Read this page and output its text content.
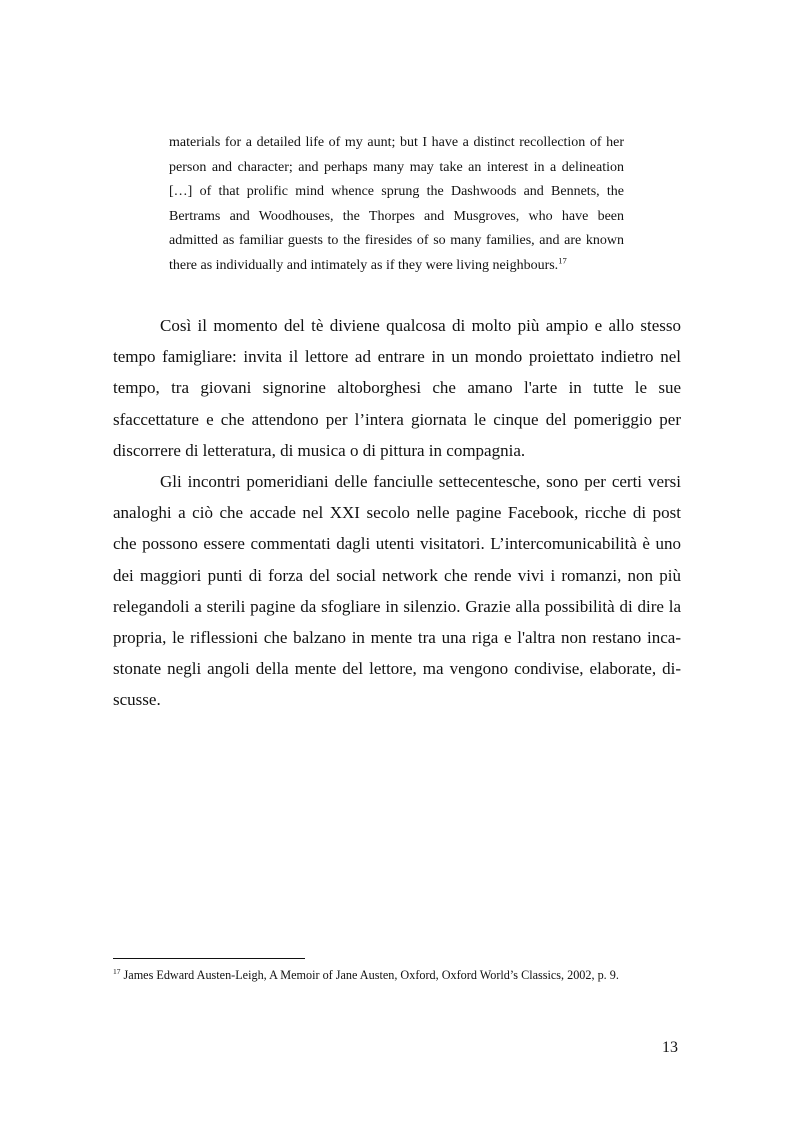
materials for a detailed life of my aunt; but I have a distinct recollection of her
person and character; and perhaps many may take an interest in a delineation
[…] of that prolific mind whence sprung the Dashwoods and Bennets, the
Bertrams and Woodhouses, the Thorpes and Musgroves, who have been
admitted as familiar guests to the firesides of so many families, and are known
there as individually and intimately as if they were living neighbours.$^{17}$
Così il momento del tè diviene qualcosa di molto più ampio e allo stesso
tempo famigliare: invita il lettore ad entrare in un mondo proiettato indietro nel
tempo, tra giovani signorine altoborghesi che amano l'arte in tutte le sue
sfaccettature e che attendono per l’intera giornata le cinque del pomeriggio per
discorrere di letteratura, di musica o di pittura in compagnia.
Gli incontri pomeridiani delle fanciulle settecentesche, sono per certi versi
analoghi a ciò che accade nel XXI secolo nelle pagine Facebook, ricche di post
che possono essere commentati dagli utenti visitatori. L’intercomunicabilità è uno
dei maggiori punti di forza del social network che rende vivi i romanzi, non più
relegandoli a sterili pagine da sfogliare in silenzio. Grazie alla possibilità di dire la
propria, le riflessioni che balzano in mente tra una riga e l'altra non restano inca-
stonate negli angoli della mente del lettore, ma vengono condivise, elaborate, di-
scusse.
$^{17}$ James Edward Austen-Leigh, A Memoir of Jane Austen, Oxford, Oxford World’s Classics, 2002, p. 9.
13
